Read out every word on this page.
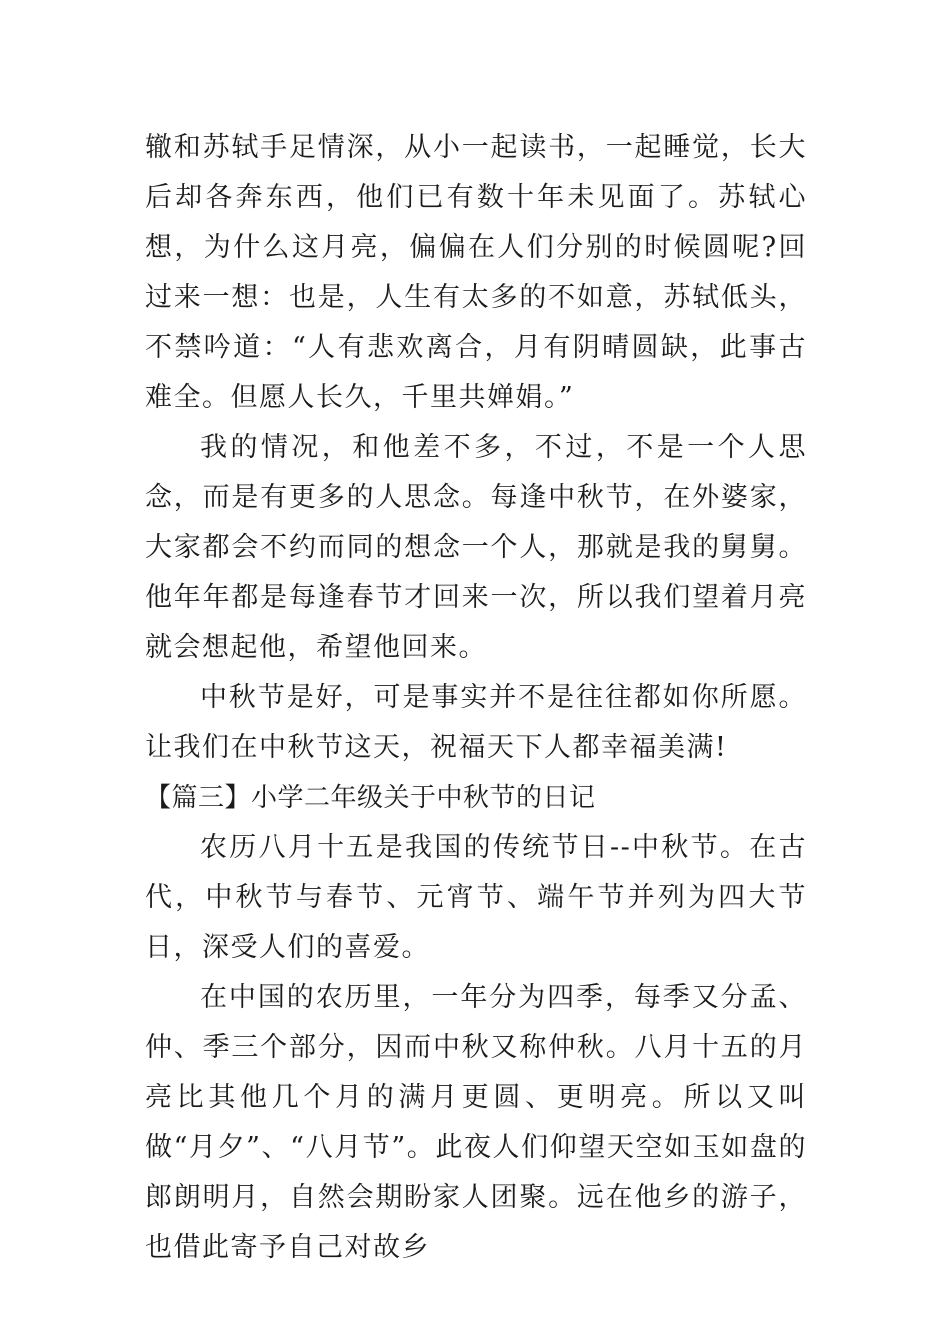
辙和苏轼手足情深，从小一起读书，一起睡觉，长大后却各奔东西，他们已有数十年未见面了。苏轼心想，为什么这月亮，偏偏在人们分别的时候圆呢?回过来一想：也是，人生有太多的不如意，苏轼低头，不禁吟道：“人有悲欢离合，月有阴晴圆缺，此事古难全。但愿人长久，千里共婵娟。”

我的情况，和他差不多，不过，不是一个人思念，而是有更多的人思念。每逢中秋节，在外婆家，大家都会不约而同的想念一个人，那就是我的舅舅。他年年都是每逢春节才回来一次，所以我们望着月亮就会想起他，希望他回来。

中秋节是好，可是事实并不是往往都如你所愿。让我们在中秋节这天，祝福天下人都幸福美满!

【篇三】小学二年级关于中秋节的日记

农历八月十五是我国的传统节日--中秋节。在古代，中秋节与春节、元宵节、端午节并列为四大节日，深受人们的喜爱。

在中国的农历里，一年分为四季，每季又分孟、仲、季三个部分，因而中秋又称仲秋。八月十五的月亮比其他几个月的满月更圆、更明亮。所以又叫做“月夕”、“八月节”。此夜人们仰望天空如玉如盘的郎朗明月，自然会期盼家人团聚。远在他乡的游子，也借此寄予自己对故乡
